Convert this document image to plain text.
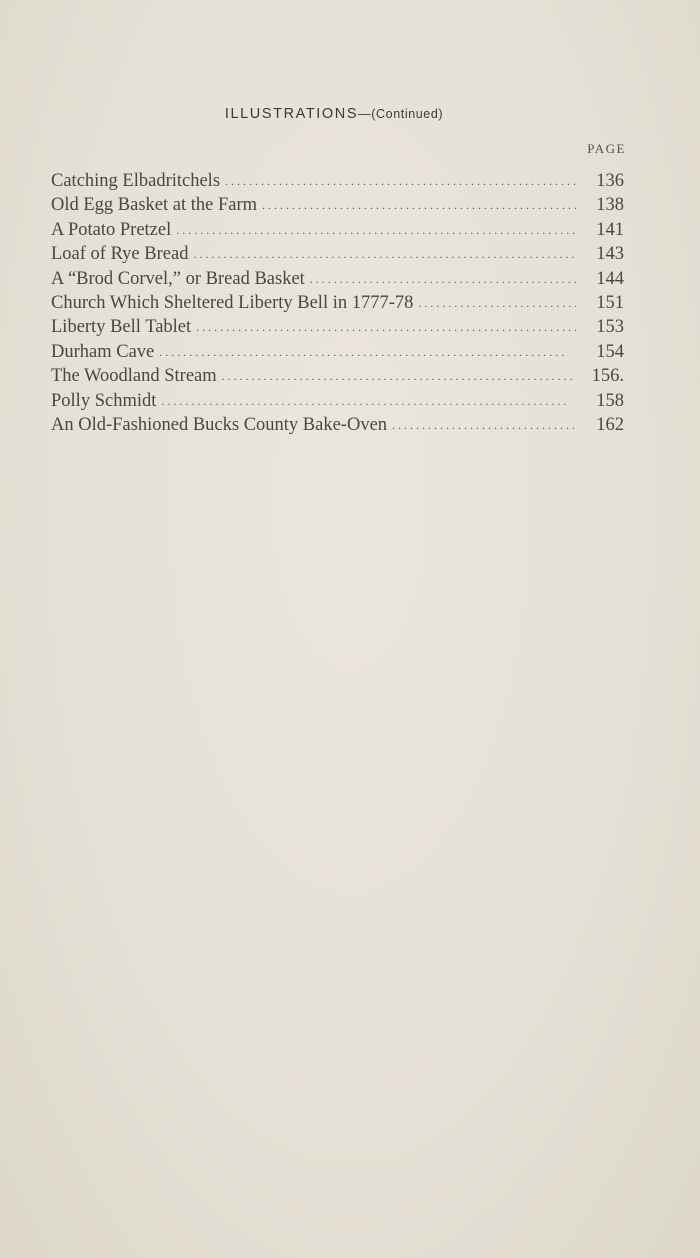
ILLUSTRATIONS—(Continued)
PAGE
Catching Elbadritchels . . .	136
Old Egg Basket at the Farm . . .	138
A Potato Pretzel . . .	141
Loaf of Rye Bread . . .	143
A “Brod Corvel,” or Bread Basket . . .	144
Church Which Sheltered Liberty Bell in 1777-78 . . .	151
Liberty Bell Tablet . . .	153
Durham Cave . . .	154
The Woodland Stream . . .	156.
Polly Schmidt . . .	158
An Old-Fashioned Bucks County Bake-Oven . . .	162
